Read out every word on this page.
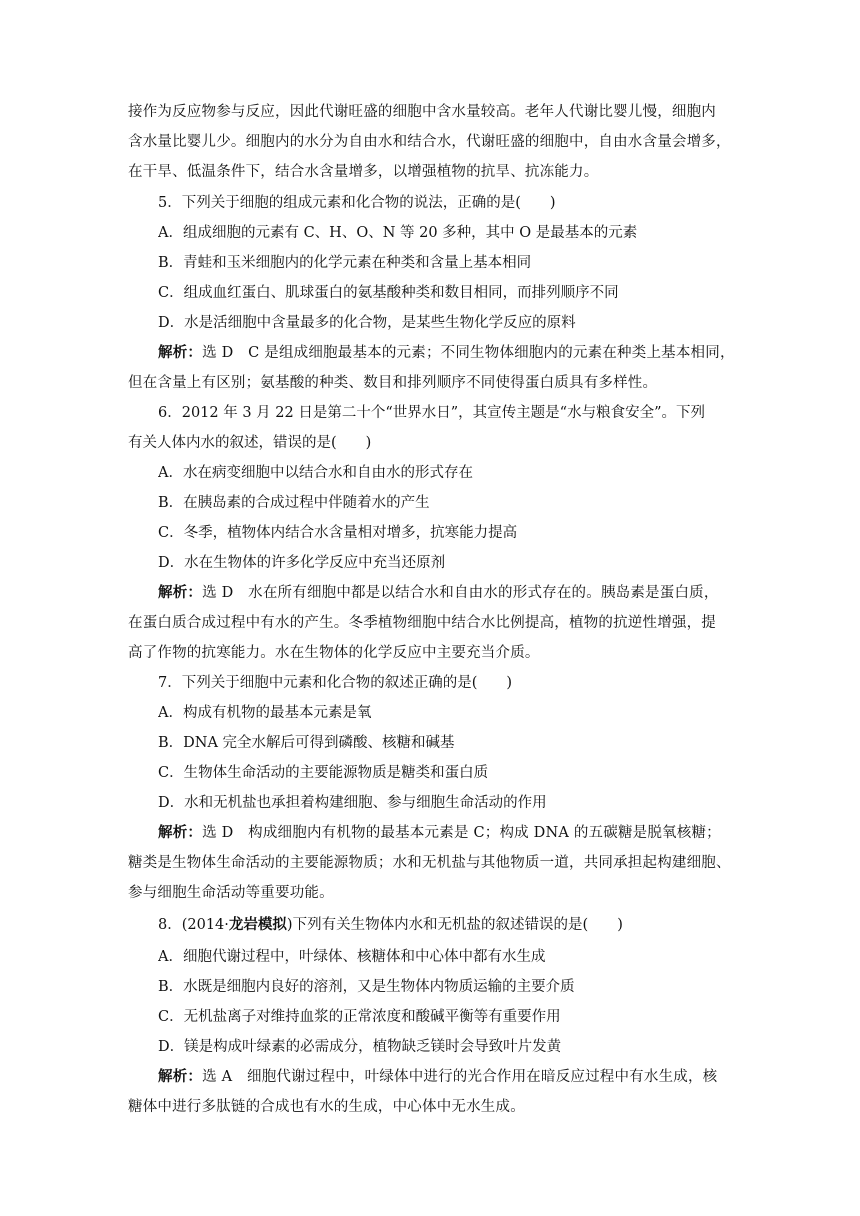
接作为反应物参与反应，因此代谢旺盛的细胞中含水量较高。老年人代谢比婴儿慢，细胞内
含水量比婴儿少。细胞内的水分为自由水和结合水，代谢旺盛的细胞中，自由水含量会增多，
在干旱、低温条件下，结合水含量增多，以增强植物的抗旱、抗冻能力。
5．下列关于细胞的组成元素和化合物的说法，正确的是(　　)
A．组成细胞的元素有 C、H、O、N 等 20 多种，其中 O 是最基本的元素
B．青蛙和玉米细胞内的化学元素在种类和含量上基本相同
C．组成血红蛋白、肌球蛋白的氨基酸种类和数目相同，而排列顺序不同
D．水是活细胞中含量最多的化合物，是某些生物化学反应的原料
解析：选 D　C 是组成细胞最基本的元素；不同生物体细胞内的元素在种类上基本相同，
但在含量上有区别；氨基酸的种类、数目和排列顺序不同使得蛋白质具有多样性。
6．2012 年 3 月 22 日是第二十个“世界水日”，其宣传主题是“水与粮食安全”。下列
有关人体内水的叙述，错误的是(　　)
A．水在病变细胞中以结合水和自由水的形式存在
B．在胰岛素的合成过程中伴随着水的产生
C．冬季，植物体内结合水含量相对增多，抗寒能力提高
D．水在生物体的许多化学反应中充当还原剂
解析：选 D　水在所有细胞中都是以结合水和自由水的形式存在的。胰岛素是蛋白质，
在蛋白质合成过程中有水的产生。冬季植物细胞中结合水比例提高，植物的抗逆性增强，提
高了作物的抗寒能力。水在生物体的化学反应中主要充当介质。
7．下列关于细胞中元素和化合物的叙述正确的是(　　)
A．构成有机物的最基本元素是氧
B．DNA 完全水解后可得到磷酸、核糖和碱基
C．生物体生命活动的主要能源物质是糖类和蛋白质
D．水和无机盐也承担着构建细胞、参与细胞生命活动的作用
解析：选 D　构成细胞内有机物的最基本元素是 C；构成 DNA 的五碳糖是脱氧核糖；
糖类是生物体生命活动的主要能源物质；水和无机盐与其他物质一道，共同承担起构建细胞、
参与细胞生命活动等重要功能。
8．(2014·龙岩模拟)下列有关生物体内水和无机盐的叙述错误的是(　　)
A．细胞代谢过程中，叶绿体、核糖体和中心体中都有水生成
B．水既是细胞内良好的溶剂，又是生物体内物质运输的主要介质
C．无机盐离子对维持血浆的正常浓度和酸碱平衡等有重要作用
D．镁是构成叶绿素的必需成分，植物缺乏镁时会导致叶片发黄
解析：选 A　细胞代谢过程中，叶绿体中进行的光合作用在暗反应过程中有水生成，核
糖体中进行多肽链的合成也有水的生成，中心体中无水生成。
